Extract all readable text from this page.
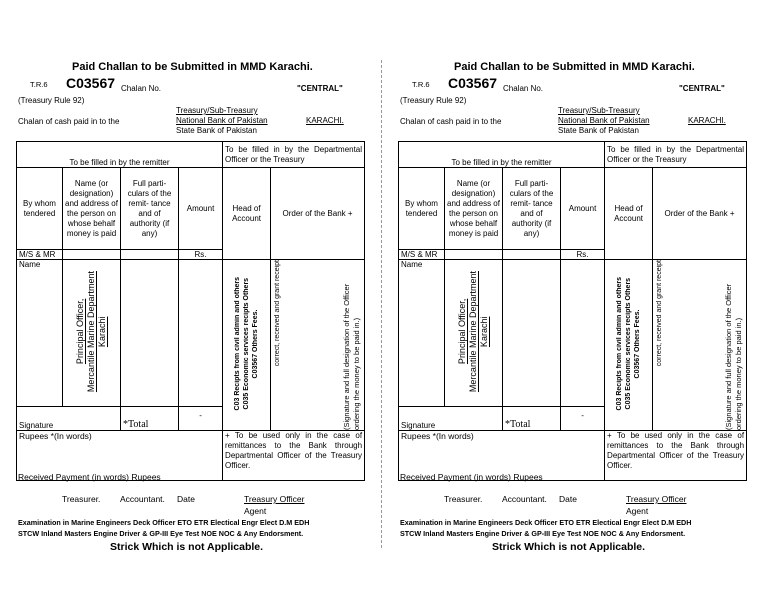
Paid Challan to be Submitted in MMD Karachi.
T.R.6 C03567 Chalan No.	"CENTRAL"
(Treasury Rule 92)
Chalan of cash paid in to the
Treasury/Sub-Treasury
National Bank of Pakistan	KARACHI.
State Bank of Pakistan
To be filled in by the remitter				To be filled in by the Departmental Officer or the Treasury	
By whom tendered	Name (or designation) and address of the person on whose behalf money is paid	Full parti- culars of the remit- tance and of authority (if any)	Amount	Head of Account	Order of the Bank +
M/S & MR			Rs.		
Name	Principal Officer, Mercantile Marine Department Karachi			C03 Recipts from civil admin and others C035 Economic services recipts Others C03567 Others Fees.	correct, received and grant receipt (Signature and full designation of the Officer ordering the money to be paid in.)

Signature		*Total	-		
Rupees *(In words)				+ To be used only in the case of remittances to the Bank through Departmental Officer of the Treasury Officer.	
Received Payment (in words) Rupees
Treasurer. Accountant. Date	Treasury Officer
Agent
Examination in Marine Engineers Deck Officer ETO ETR Electical Engr Elect D.M EDH
STCW Inland Masters Engine Driver & GP-III Eye Test NOE NOC & Any Endorsment.
Strick Which is not Applicable.
Paid Challan to be Submitted in MMD Karachi.
T.R.6 C03567 Chalan No.	"CENTRAL"
(Treasury Rule 92)
Chalan of cash paid in to the
Treasury/Sub-Treasury
National Bank of Pakistan	KARACHI.
State Bank of Pakistan
To be filled in by the remitter				To be filled in by the Departmental Officer or the Treasury	
By whom tendered	Name (or designation) and address of the person on whose behalf money is paid	Full parti- culars of the remit- tance and of authority (if any)	Amount	Head of Account	Order of the Bank +
M/S & MR			Rs.		
Name	Principal Officer, Mercantile Marine Department Karachi			C03 Recipts from civil admin and others C035 Economic services recipts Others C03567 Others Fees.	correct, received and grant receipt (Signature and full designation of the Officer ordering the money to be paid in.)

Signature		*Total	-		
Rupees *(In words)				+ To be used only in the case of remittances to the Bank through Departmental Officer of the Treasury Officer.	
Received Payment (in words) Rupees
Treasurer. Accountant. Date	Treasury Officer
Agent
Examination in Marine Engineers Deck Officer ETO ETR Electical Engr Elect D.M EDH
STCW Inland Masters Engine Driver & GP-III Eye Test NOE NOC & Any Endorsment.
Strick Which is not Applicable.
